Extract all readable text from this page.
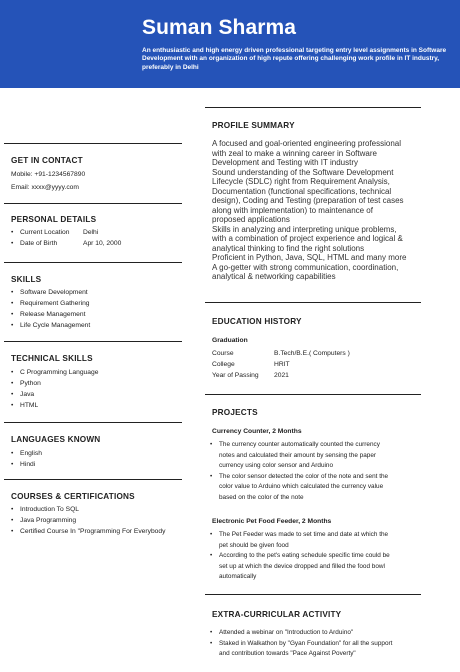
Suman Sharma
An enthusiastic and high energy driven professional targeting entry level assignments in Software Development with an organization of high repute offering challenging work profile in IT industry, preferably in Delhi
GET IN CONTACT
Mobile: +91-1234567890
Email: xxxx@yyyy.com
PERSONAL DETAILS
• Current Location Delhi
• Date of Birth	Apr 10, 2000
SKILLS
• Software Development
• Requirement Gathering
• Release Management
• Life Cycle Management
TECHNICAL SKILLS
• C Programming Language
• Python
• Java
• HTML
LANGUAGES KNOWN
• English
• Hindi
COURSES & CERTIFICATIONS
• Introduction To SQL
• Java Programming
• Certified Course In "Programming For Everybody
PROFILE SUMMARY
A focused and goal-oriented engineering professional
with zeal to make a winning career in Software
Development and Testing with IT industry
Sound understanding of the Software Development
Lifecycle (SDLC) right from Requirement Analysis,
Documentation (functional specifications, technical
design), Coding and Testing (preparation of test cases
along with implementation) to maintenance of
proposed applications
Skills in analyzing and interpreting unique problems,
with a combination of project experience and logical &
analytical thinking to find the right solutions
Proficient in Python, Java, SQL, HTML and many more
A go-getter with strong communication, coordination,
analytical & networking capabilities
EDUCATION HISTORY
Graduation
Course	B.Tech/B.E.( Computers )
College	HRIT
Year of Passing 2021
PROJECTS
Currency Counter, 2 Months
• The currency counter automatically counted the currency
notes and calculated their amount by sensing the paper
currency using color sensor and Arduino
• The color sensor detected the color of the note and sent the
color value to Arduino which calculated the currency value
based on the color of the note
Electronic Pet Food Feeder, 2 Months
• The Pet Feeder was made to set time and date at which the
pet should be given food
• According to the pet's eating schedule specific time could be
set up at which the device dropped and filled the food bowl
automatically
EXTRA-CURRICULAR ACTIVITY
• Attended a webinar on "Introduction to Arduino"
• Staked in Walkathon by "Gyan Foundation" for all the support
and contribution towards "Pace Against Poverty"
